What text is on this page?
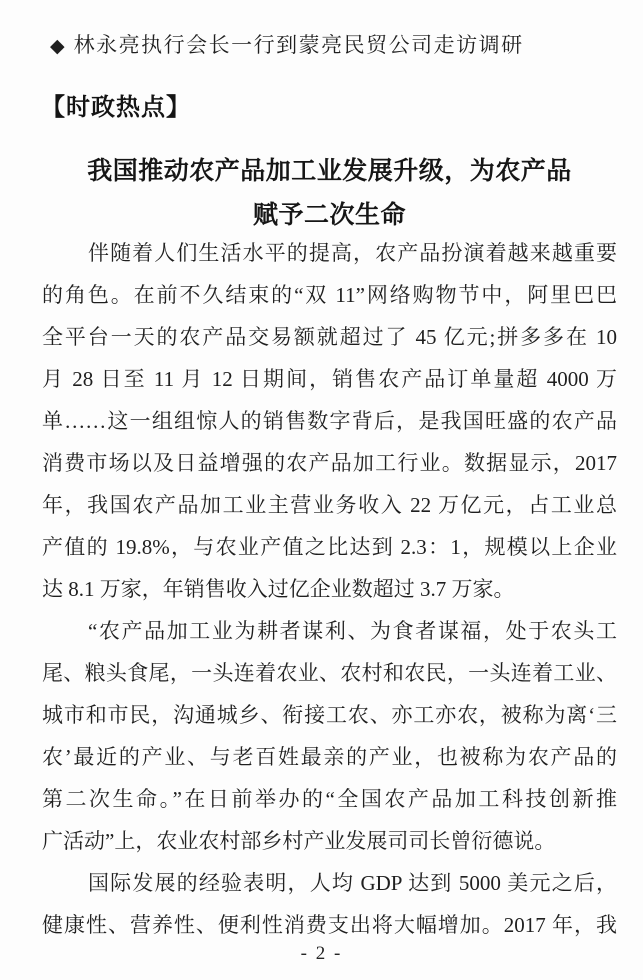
◆ 林永亮执行会长一行到蒙亮民贸公司走访调研
【时政热点】
我国推动农产品加工业发展升级，为农产品
赋予二次生命
伴随着人们生活水平的提高，农产品扮演着越来越重要
的角色。在前不久结束的“双 11”网络购物节中，阿里巴巴
全平台一天的农产品交易额就超过了 45 亿元;拼多多在 10
月 28 日至 11 月 12 日期间，销售农产品订单量超 4000 万
单……这一组组惊人的销售数字背后，是我国旺盛的农产品
消费市场以及日益增强的农产品加工行业。数据显示，2017
年，我国农产品加工业主营业务收入 22 万亿元，占工业总
产值的 19.8%，与农业产值之比达到 2.3：1，规模以上企业
达 8.1 万家，年销售收入过亿企业数超过 3.7 万家。
“农产品加工业为耕者谋利、为食者谋福，处于农头工
尾、粮头食尾，一头连着农业、农村和农民，一头连着工业、
城市和市民，沟通城乡、衔接工农、亦工亦农，被称为离‘三
农’最近的产业、与老百姓最亲的产业，也被称为农产品的
第二次生命。”在日前举办的“全国农产品加工科技创新推
广活动”上，农业农村部乡村产业发展司司长曾衍德说。
国际发展的经验表明，人均 GDP 达到 5000 美元之后，
健康性、营养性、便利性消费支出将大幅增加。2017 年，我
- 2 -
